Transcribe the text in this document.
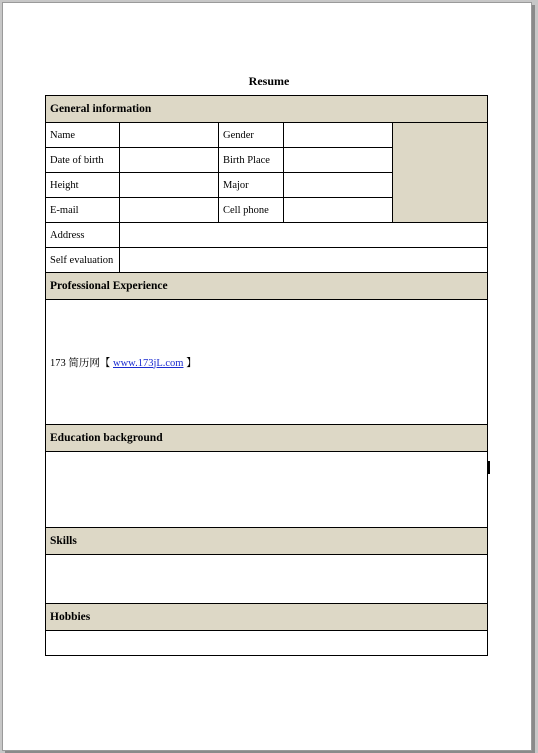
Resume
General information				
Name		Gender		
Date of birth		Birth Place		
Height		Major		
E-mail		Cell phone		
Address				
Self evaluation				
Professional Experience				
173 简历网【 www.173jL.com 】				
Education background				

Skills				

Hobbies				
